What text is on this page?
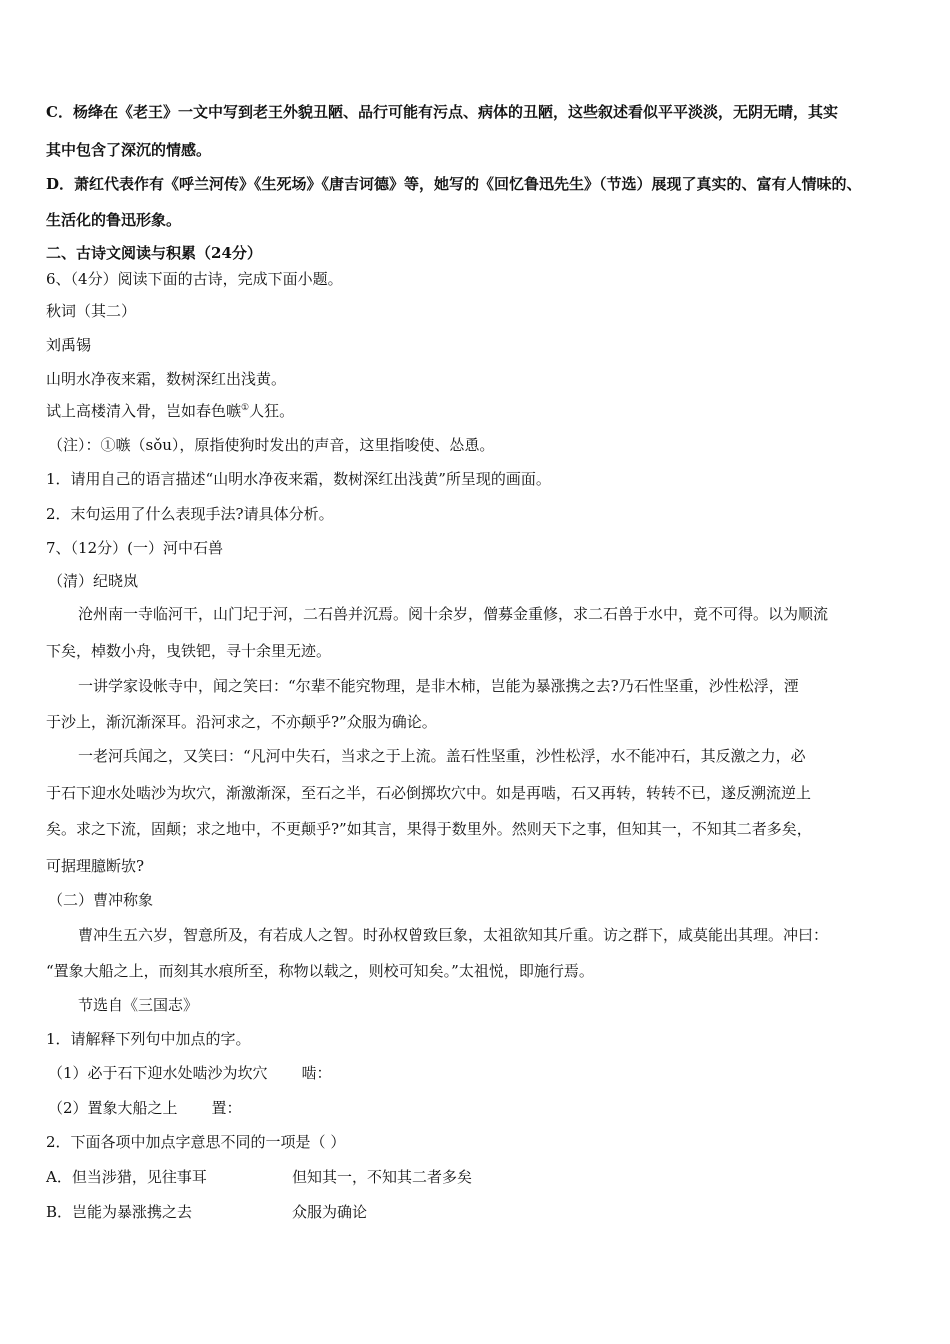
C．杨绛在《老王》一文中写到老王外貌丑陋、品行可能有污点、病体的丑陋，这些叙述看似平平淡淡，无阴无晴，其实
其中包含了深沉的情感。
D．萧红代表作有《呼兰河传》《生死场》《唐吉诃德》等，她写的《回忆鲁迅先生》（节选）展现了真实的、富有人情味的、
生活化的鲁迅形象。
二、古诗文阅读与积累（24分）
6、（4分）阅读下面的古诗，完成下面小题。
秋词（其二）
刘禹锡
山明水净夜来霜，数树深红出浅黄。
试上高楼清入骨，岂如春色嗾①人狂。
（注）：①嗾（sǒu），原指使狗时发出的声音，这里指唆使、怂恿。
1．请用自己的语言描述“山明水净夜来霜，数树深红出浅黄”所呈现的画面。
2．末句运用了什么表现手法?请具体分析。
7、（12分）(一）河中石兽
（清）纪晓岚
沧州南一寺临河干，山门圮于河，二石兽并沉焉。阅十余岁，僧募金重修，求二石兽于水中，竟不可得。以为顺流
下矣，棹数小舟，曳铁钯，寻十余里无迹。
一讲学家设帐寺中，闻之笑曰：“尔辈不能究物理，是非木柿，岂能为暴涨携之去?乃石性坚重，沙性松浮，湮
于沙上，渐沉渐深耳。沿河求之，不亦颠乎?”众服为确论。
一老河兵闻之，又笑曰：“凡河中失石，当求之于上流。盖石性坚重，沙性松浮，水不能冲石，其反激之力，必
于石下迎水处啮沙为坎穴，渐激渐深，至石之半，石必倒掷坎穴中。如是再啮，石又再转，转转不已，遂反溯流逆上
矣。求之下流，固颠；求之地中，不更颠乎?”如其言，果得于数里外。然则天下之事，但知其一，不知其二者多矣，
可据理臆断欤?
（二）曹冲称象
曹冲生五六岁，智意所及，有若成人之智。时孙权曾致巨象，太祖欲知其斤重。访之群下，咸莫能出其理。冲曰：
“置象大船之上，而刻其水痕所至，称物以载之，则校可知矣。”太祖悦，即施行焉。
节选自《三国志》
1．请解释下列句中加点的字。
（1）必于石下迎水处啮沙为坎穴 啮：
（2）置象大船之上 置：
2．下面各项中加点字意思不同的一项是（ ）
A．但当涉猎，见往事耳	但知其一，不知其二者多矣
B．岂能为暴涨携之去	众服为确论
